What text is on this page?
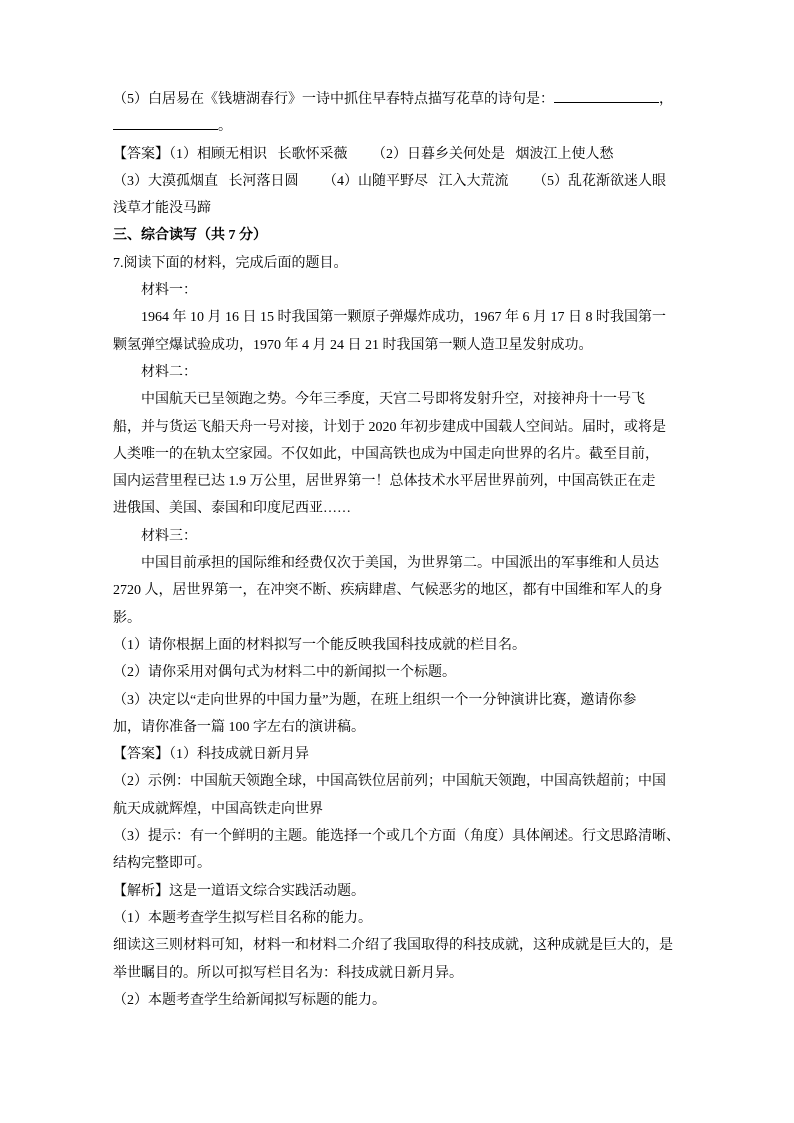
（5）白居易在《钱塘湖春行》一诗中抓住早春特点描写花草的诗句是：	，
。
【答案】（1）相顾无相识   长歌怀采薇       （2）日暮乡关何处是   烟波江上使人愁
（3）大漠孤烟直   长河落日圆       （4）山随平野尽   江入大荒流       （5）乱花渐欲迷人眼
浅草才能没马蹄
三、综合读写（共 7 分）
7.阅读下面的材料，完成后面的题目。
材料一：
1964 年 10 月 16 日 15 时我国第一颗原子弹爆炸成功，1967 年 6 月 17 日 8 时我国第一
颗氢弹空爆试验成功，1970 年 4 月 24 日 21 时我国第一颗人造卫星发射成功。
材料二：
中国航天已呈领跑之势。今年三季度，天宫二号即将发射升空，对接神舟十一号飞
船，并与货运飞船天舟一号对接，计划于 2020 年初步建成中国载人空间站。届时，或将是
人类唯一的在轨太空家园。不仅如此，中国高铁也成为中国走向世界的名片。截至目前，
国内运营里程已达 1.9 万公里，居世界第一！总体技术水平居世界前列，中国高铁正在走
进俄国、美国、泰国和印度尼西亚……
材料三：
中国目前承担的国际维和经费仅次于美国，为世界第二。中国派出的军事维和人员达
2720 人，居世界第一，在冲突不断、疾病肆虐、气候恶劣的地区，都有中国维和军人的身
影。
（1）请你根据上面的材料拟写一个能反映我国科技成就的栏目名。
（2）请你采用对偶句式为材料二中的新闻拟一个标题。
（3）决定以“走向世界的中国力量”为题，在班上组织一个一分钟演讲比赛，邀请你参
加，请你准备一篇 100 字左右的演讲稿。
【答案】（1）科技成就日新月异
（2）示例：中国航天领跑全球，中国高铁位居前列；中国航天领跑，中国高铁超前；中国
航天成就辉煌，中国高铁走向世界
（3）提示：有一个鲜明的主题。能选择一个或几个方面（角度）具体阐述。行文思路清晰、
结构完整即可。
【解析】这是一道语文综合实践活动题。
（1）本题考查学生拟写栏目名称的能力。
细读这三则材料可知，材料一和材料二介绍了我国取得的科技成就，这种成就是巨大的，是
举世瞩目的。所以可拟写栏目名为：科技成就日新月异。
（2）本题考查学生给新闻拟写标题的能力。
